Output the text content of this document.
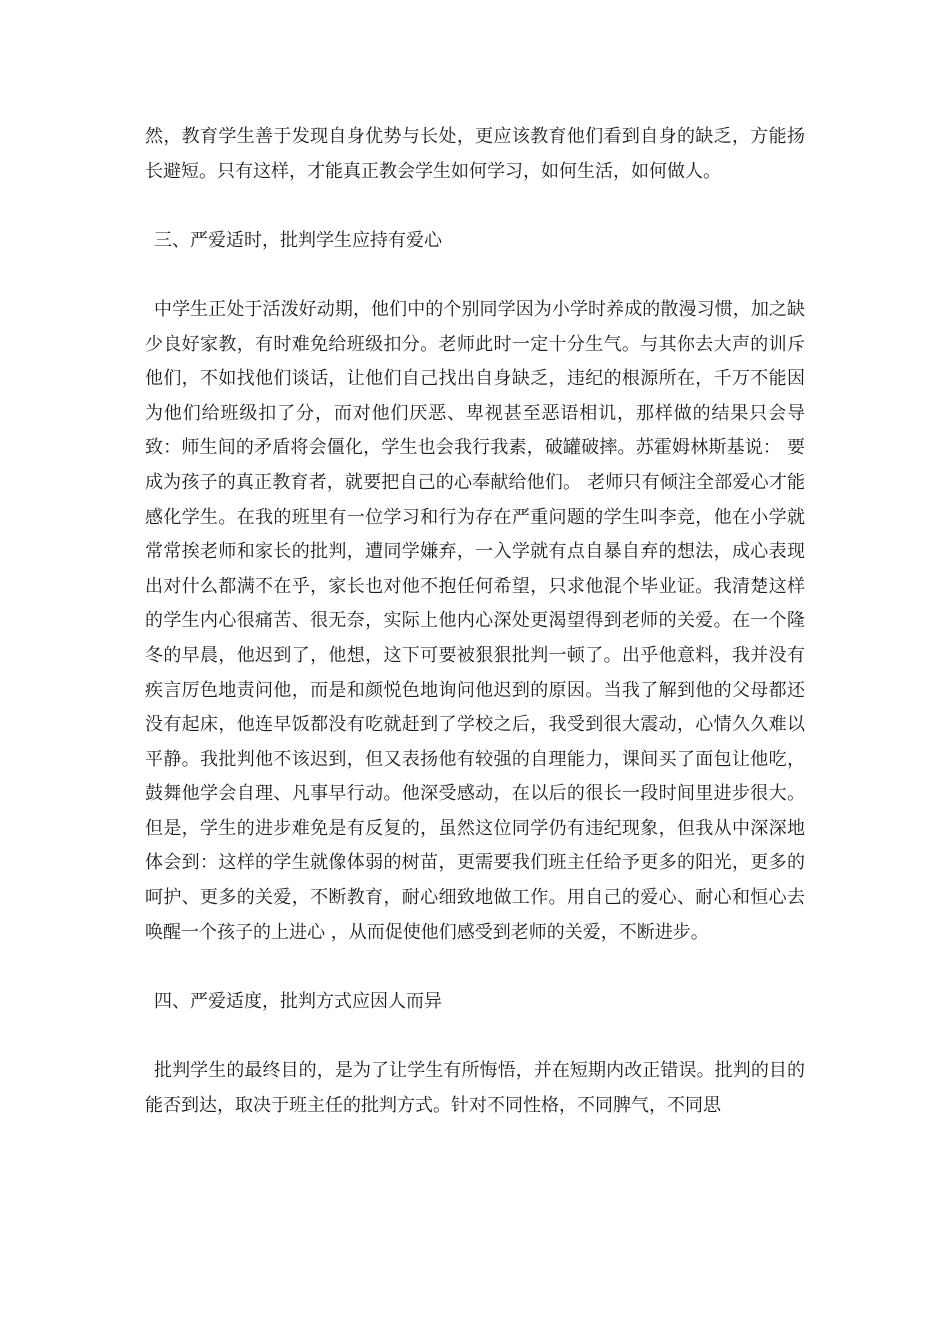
然，教育学生善于发现自身优势与长处，更应该教育他们看到自身的缺乏，方能扬长避短。只有这样，才能真正教会学生如何学习，如何生活，如何做人。

三、严爱适时，批判学生应持有爱心

中学生正处于活泼好动期，他们中的个别同学因为小学时养成的散漫习惯，加之缺少良好家教，有时难免给班级扣分。老师此时一定十分生气。与其你去大声的训斥他们，不如找他们谈话，让他们自己找出自身缺乏，违纪的根源所在，千万不能因为他们给班级扣了分，而对他们厌恶、卑视甚至恶语相讥，那样做的结果只会导致：师生间的矛盾将会僵化，学生也会我行我素，破罐破摔。苏霍姆林斯基说： 要成为孩子的真正教育者，就要把自己的心奉献给他们。 老师只有倾注全部爱心才能感化学生。在我的班里有一位学习和行为存在严重问题的学生叫李竞，他在小学就常常挨老师和家长的批判，遭同学嫌弃，一入学就有点自暴自弃的想法，成心表现出对什么都满不在乎，家长也对他不抱任何希望，只求他混个毕业证。我清楚这样的学生内心很痛苦、很无奈，实际上他内心深处更渴望得到老师的关爱。在一个隆冬的早晨，他迟到了，他想，这下可要被狠狠批判一顿了。出乎他意料，我并没有疾言厉色地责问他，而是和颜悦色地询问他迟到的原因。当我了解到他的父母都还没有起床，他连早饭都没有吃就赶到了学校之后，我受到很大震动，心情久久难以平静。我批判他不该迟到，但又表扬他有较强的自理能力，课间买了面包让他吃，鼓舞他学会自理、凡事早行动。他深受感动，在以后的很长一段时间里进步很大。但是，学生的进步难免是有反复的，虽然这位同学仍有违纪现象，但我从中深深地体会到：这样的学生就像体弱的树苗，更需要我们班主任给予更多的阳光，更多的呵护、更多的关爱，不断教育，耐心细致地做工作。用自己的爱心、耐心和恒心去唤醒一个孩子的上进心 ，从而促使他们感受到老师的关爱，不断进步。

四、严爱适度，批判方式应因人而异

批判学生的最终目的，是为了让学生有所悔悟，并在短期内改正错误。批判的目的能否到达，取决于班主任的批判方式。针对不同性格，不同脾气，不同思
